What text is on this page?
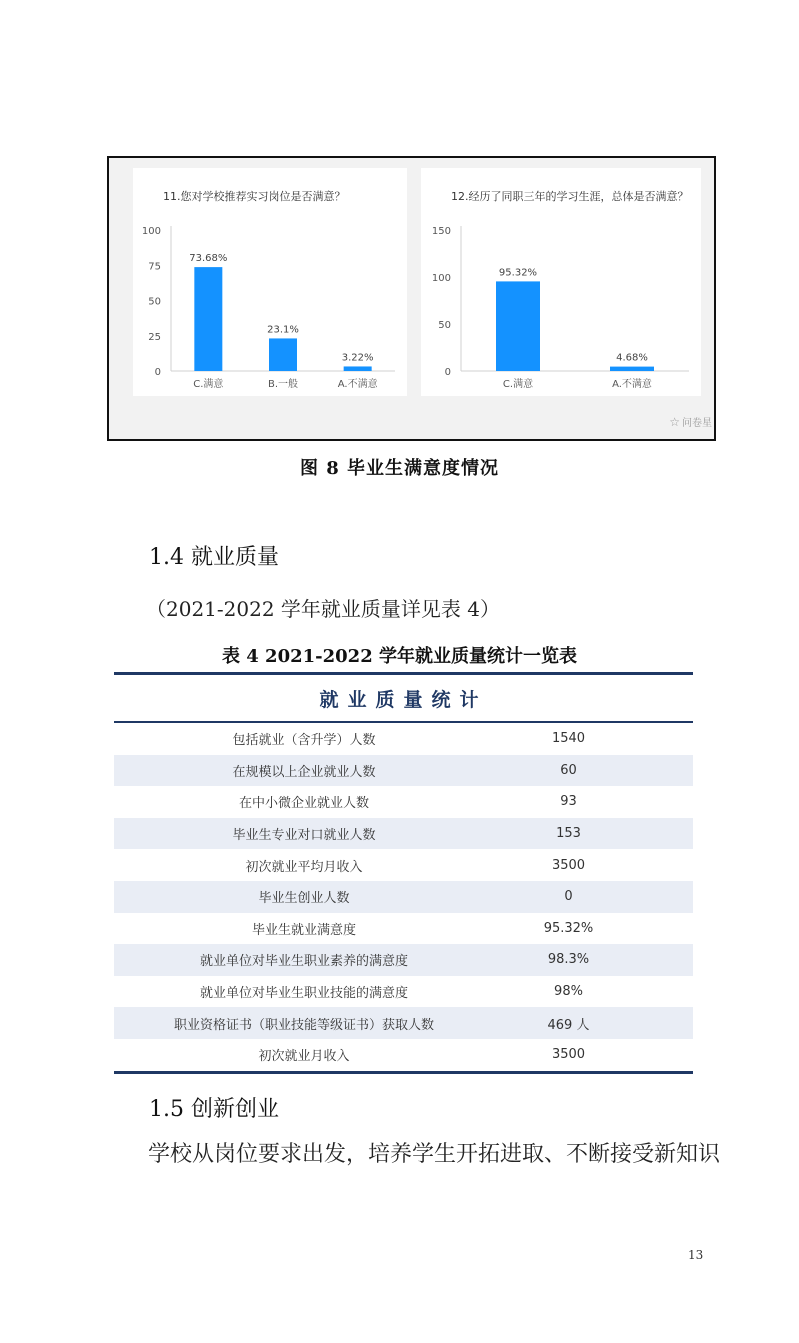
11.您对学校推荐实习岗位是否满意？
0
25
50
75
100
73.68%
C.满意
23.1%
B.一般
3.22%
A.不满意
12.经历了同职三年的学习生涯，总体是否满意？
0
50
100
150
95.32%
C.满意
4.68%
A.不满意
☆ 问卷星
图 8 毕业生满意度情况
1.4 就业质量
（2021-2022 学年就业质量详见表 4）
表 4 2021-2022 学年就业质量统计一览表
就业质量统计
包括就业（含升学）人数	1540
在规模以上企业就业人数	60
在中小微企业就业人数	93
毕业生专业对口就业人数	153
初次就业平均月收入	3500
毕业生创业人数	0
毕业生就业满意度	95.32%
就业单位对毕业生职业素养的满意度	98.3%
就业单位对毕业生职业技能的满意度	98%
职业资格证书（职业技能等级证书）获取人数	469 人
初次就业月收入	3500
1.5 创新创业
学校从岗位要求出发，培养学生开拓进取、不断接受新知识
13
